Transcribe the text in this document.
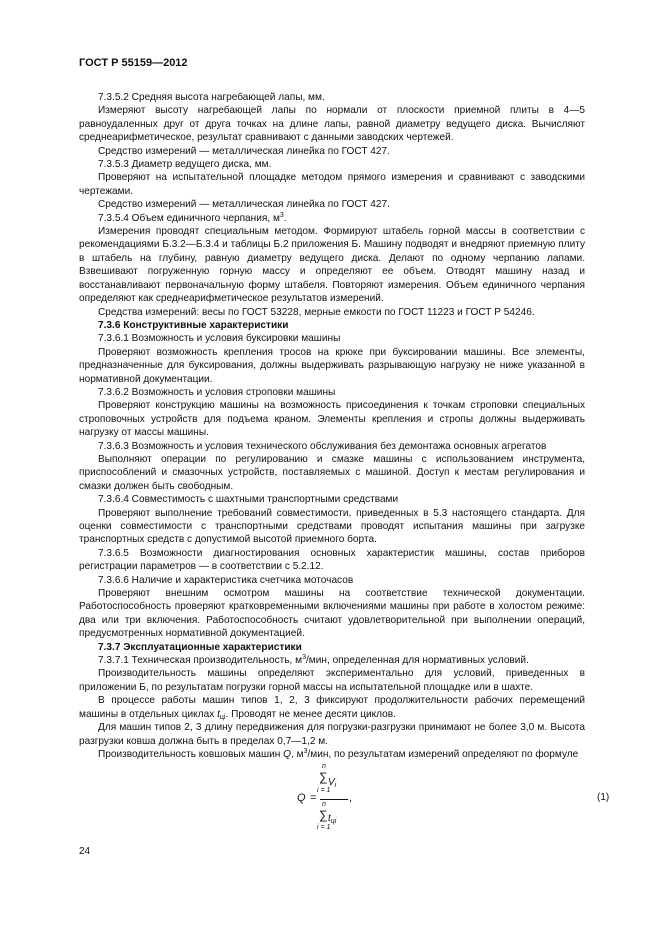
ГОСТ Р 55159—2012

7.3.5.2 Средняя высота нагребающей лапы, мм.

Измеряют высоту нагребающей лапы по нормали от плоскости приемной плиты в 4—5 равноудаленных друг от друга точках на длине лапы, равной диаметру ведущего диска. Вычисляют среднеарифметическое, результат сравнивают с данными заводских чертежей.

Средство измерений — металлическая линейка по ГОСТ 427.

7.3.5.3 Диаметр ведущего диска, мм.

Проверяют на испытательной площадке методом прямого измерения и сравнивают с заводскими чертежами.

Средство измерений — металлическая линейка по ГОСТ 427.

7.3.5.4 Объем единичного черпания, $м^3$.

Измерения проводят специальным методом. Формируют штабель горной массы в соответствии с рекомендациями Б.3.2—Б.3.4 и таблицы Б.2 приложения Б. Машину подводят и внедряют приемную плиту в штабель на глубину, равную диаметру ведущего диска. Делают по одному черпанию лапами. Взвешивают погруженную горную массу и определяют ее объем. Отводят машину назад и восстанавливают первоначальную форму штабеля. Повторяют измерения. Объем единичного черпания определяют как среднеарифметическое результатов измерений.

Средства измерений: весы по ГОСТ 53228, мерные емкости по ГОСТ 11223 и ГОСТ Р 54246.

7.3.6 Конструктивные характеристики

7.3.6.1 Возможность и условия буксировки машины

Проверяют возможность крепления тросов на крюке при буксировании машины. Все элементы, предназначенные для буксирования, должны выдерживать разрывающую нагрузку не ниже указанной в нормативной документации.

7.3.6.2 Возможность и условия строповки машины

Проверяют конструкцию машины на возможность присоединения к точкам строповки специальных строповочных устройств для подъема краном. Элементы крепления и стропы должны выдерживать нагрузку от массы машины.

7.3.6.3 Возможность и условия технического обслуживания без демонтажа основных агрегатов

Выполняют операции по регулированию и смазке машины с использованием инструмента, приспособлений и смазочных устройств, поставляемых с машиной. Доступ к местам регулирования и смазки должен быть свободным.

7.3.6.4 Совместимость с шахтными транспортными средствами

Проверяют выполнение требований совместимости, приведенных в 5.3 настоящего стандарта. Для оценки совместимости с транспортными средствами проводят испытания машины при загрузке транспортных средств с допустимой высотой приемного борта.

7.3.6.5 Возможности диагностирования основных характеристик машины, состав приборов регистрации параметров — в соответствии с 5.2.12.

7.3.6.6 Наличие и характеристика счетчика моточасов

Проверяют внешним осмотром машины на соответствие технической документации. Работоспособность проверяют кратковременными включениями машины при работе в холостом режиме: два или три включения. Работоспособность считают удовлетворительной при выполнении операций, предусмотренных нормативной документацией.

7.3.7 Эксплуатационные характеристики

7.3.7.1 Техническая производительность, $м^3$/мин, определенная для нормативных условий.

Производительность машины определяют экспериментально для условий, приведенных в приложении Б, по результатам погрузки горной массы на испытательной площадке или в шахте.

В процессе работы машин типов 1, 2, 3 фиксируют продолжительности рабочих перемещений машины в отдельных циклах $t_{ці}$. Проводят не менее десяти циклов.

Для машин типов 2, 3 длину передвижения для погрузки-разгрузки принимают не более 3,0 м. Высота разгрузки ковша должна быть в пределах 0,7—1,2 м.

Производительность ковшовых машин Q, $м^3$/мин, по результатам измерений определяют по формуле

Q =
n
∑
i = 1
$V_i$
n
∑
i = 1
$t_{ці}$
,	(1)
24
